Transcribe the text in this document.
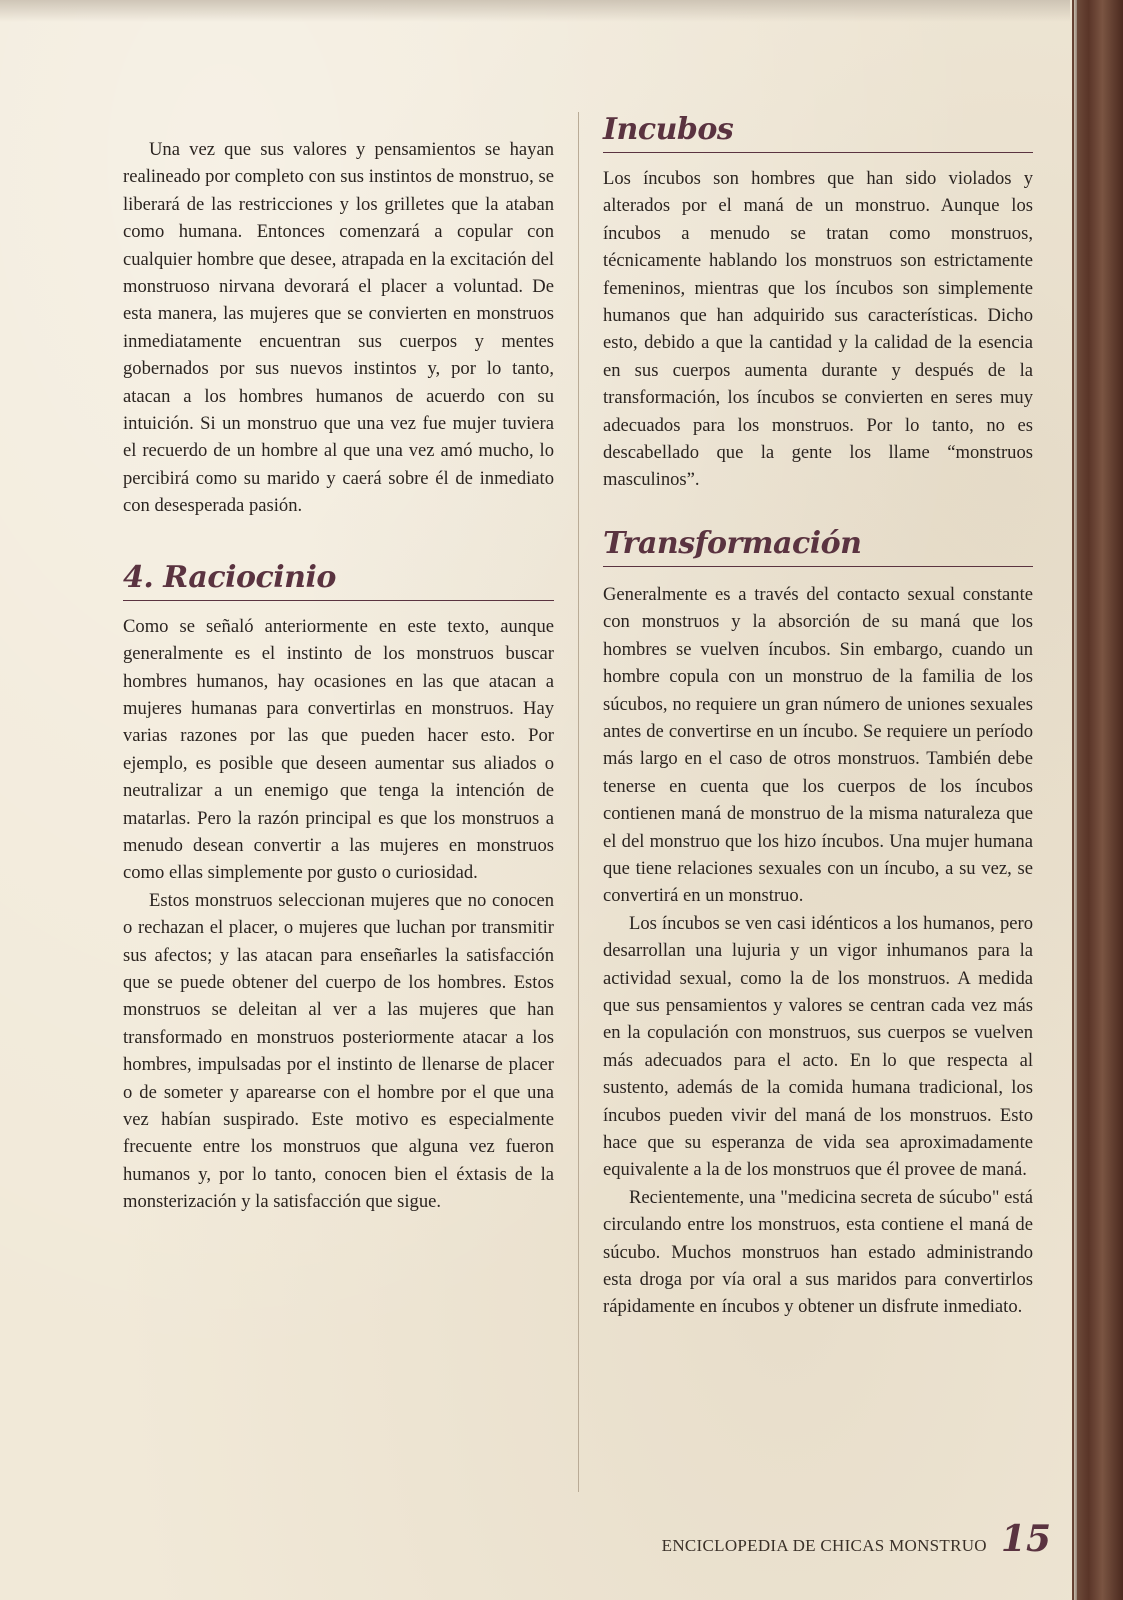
Una vez que sus valores y pensamientos se hayan realineado por completo con sus instintos de monstruo, se liberará de las restricciones y los grilletes que la ataban como humana. Entonces comenzará a copular con cualquier hombre que desee, atrapada en la excitación del monstruoso nirvana devorará el placer a voluntad. De esta manera, las mujeres que se convierten en monstruos inmediatamente encuentran sus cuerpos y mentes gobernados por sus nuevos instintos y, por lo tanto, atacan a los hombres humanos de acuerdo con su intuición. Si un monstruo que una vez fue mujer tuviera el recuerdo de un hombre al que una vez amó mucho, lo percibirá como su marido y caerá sobre él de inmediato con desesperada pasión.

4. Raciocinio

Como se señaló anteriormente en este texto, aunque generalmente es el instinto de los monstruos buscar hombres humanos, hay ocasiones en las que atacan a mujeres humanas para convertirlas en monstruos. Hay varias razones por las que pueden hacer esto. Por ejemplo, es posible que deseen aumentar sus aliados o neutralizar a un enemigo que tenga la intención de matarlas. Pero la razón principal es que los monstruos a menudo desean convertir a las mujeres en monstruos como ellas simplemente por gusto o curiosidad.

Estos monstruos seleccionan mujeres que no conocen o rechazan el placer, o mujeres que luchan por transmitir sus afectos; y las atacan para enseñarles la satisfacción que se puede obtener del cuerpo de los hombres. Estos monstruos se deleitan al ver a las mujeres que han transformado en monstruos posteriormente atacar a los hombres, impulsadas por el instinto de llenarse de placer o de someter y aparearse con el hombre por el que una vez habían suspirado. Este motivo es especialmente frecuente entre los monstruos que alguna vez fueron humanos y, por lo tanto, conocen bien el éxtasis de la monsterización y la satisfacción que sigue.

Incubos

Los íncubos son hombres que han sido violados y alterados por el maná de un monstruo. Aunque los íncubos a menudo se tratan como monstruos, técnicamente hablando los monstruos son estrictamente femeninos, mientras que los íncubos son simplemente humanos que han adquirido sus características. Dicho esto, debido a que la cantidad y la calidad de la esencia en sus cuerpos aumenta durante y después de la transformación, los íncubos se convierten en seres muy adecuados para los monstruos. Por lo tanto, no es descabellado que la gente los llame “monstruos masculinos”.

Transformación

Generalmente es a través del contacto sexual constante con monstruos y la absorción de su maná que los hombres se vuelven íncubos. Sin embargo, cuando un hombre copula con un monstruo de la familia de los súcubos, no requiere un gran número de uniones sexuales antes de convertirse en un íncubo. Se requiere un período más largo en el caso de otros monstruos. También debe tenerse en cuenta que los cuerpos de los íncubos contienen maná de monstruo de la misma naturaleza que el del monstruo que los hizo íncubos. Una mujer humana que tiene relaciones sexuales con un íncubo, a su vez, se convertirá en un monstruo.

Los íncubos se ven casi idénticos a los humanos, pero desarrollan una lujuria y un vigor inhumanos para la actividad sexual, como la de los monstruos. A medida que sus pensamientos y valores se centran cada vez más en la copulación con monstruos, sus cuerpos se vuelven más adecuados para el acto. En lo que respecta al sustento, además de la comida humana tradicional, los íncubos pueden vivir del maná de los monstruos. Esto hace que su esperanza de vida sea aproximadamente equivalente a la de los monstruos que él provee de maná.

Recientemente, una "medicina secreta de súcubo" está circulando entre los monstruos, esta contiene el maná de súcubo. Muchos monstruos han estado administrando esta droga por vía oral a sus maridos para convertirlos rápidamente en íncubos y obtener un disfrute inmediato.

ENCICLOPEDIA DE CHICAS MONSTRUO 15
